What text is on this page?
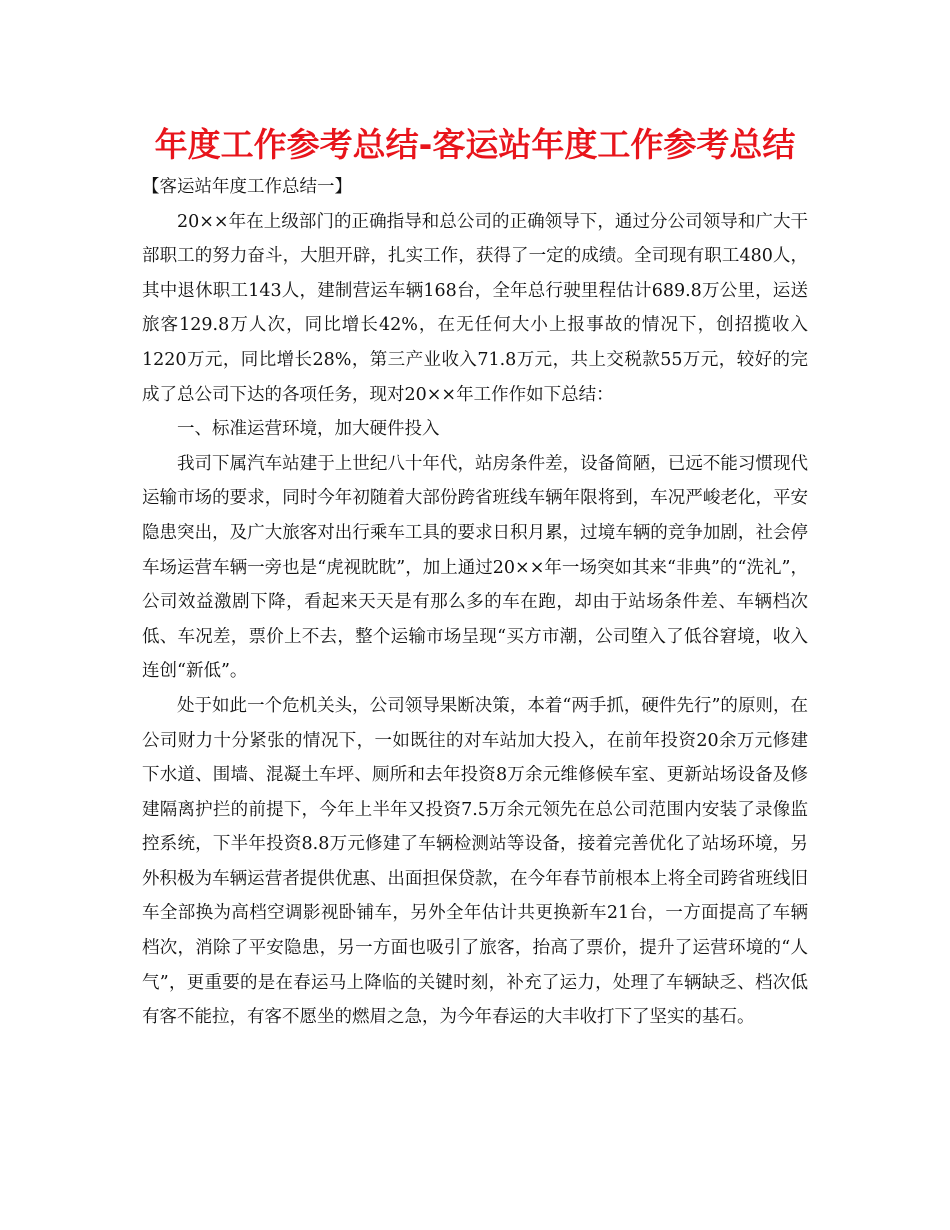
年度工作参考总结-客运站年度工作参考总结

【客运站年度工作总结一】

20××年在上级部门的正确指导和总公司的正确领导下，通过分公司领导和广大干部职工的努力奋斗，大胆开辟，扎实工作，获得了一定的成绩。全司现有职工480人，其中退休职工143人，建制营运车辆168台，全年总行驶里程估计689.8万公里，运送旅客129.8万人次，同比增长42%，在无任何大小上报事故的情况下，创招揽收入1220万元，同比增长28%，第三产业收入71.8万元，共上交税款55万元，较好的完成了总公司下达的各项任务，现对20××年工作作如下总结：

一、标准运营环境，加大硬件投入

我司下属汽车站建于上世纪八十年代，站房条件差，设备简陋，已远不能习惯现代运输市场的要求，同时今年初随着大部份跨省班线车辆年限将到，车况严峻老化，平安隐患突出，及广大旅客对出行乘车工具的要求日积月累，过境车辆的竞争加剧，社会停车场运营车辆一旁也是“虎视眈眈”，加上通过20××年一场突如其来“非典”的“洗礼”，公司效益激剧下降，看起来天天是有那么多的车在跑，却由于站场条件差、车辆档次低、车况差，票价上不去，整个运输市场呈现“买方市潮，公司堕入了低谷窘境，收入连创“新低”。

处于如此一个危机关头，公司领导果断决策，本着“两手抓，硬件先行”的原则，在公司财力十分紧张的情况下，一如既往的对车站加大投入，在前年投资20余万元修建下水道、围墙、混凝土车坪、厕所和去年投资8万余元维修候车室、更新站场设备及修建隔离护拦的前提下，今年上半年又投资7.5万余元领先在总公司范围内安装了录像监控系统，下半年投资8.8万元修建了车辆检测站等设备，接着完善优化了站场环境，另外积极为车辆运营者提供优惠、出面担保贷款，在今年春节前根本上将全司跨省班线旧车全部换为高档空调影视卧铺车，另外全年估计共更换新车21台，一方面提高了车辆档次，消除了平安隐患，另一方面也吸引了旅客，抬高了票价，提升了运营环境的“人气”，更重要的是在春运马上降临的关键时刻，补充了运力，处理了车辆缺乏、档次低有客不能拉，有客不愿坐的燃眉之急，为今年春运的大丰收打下了坚实的基石。
